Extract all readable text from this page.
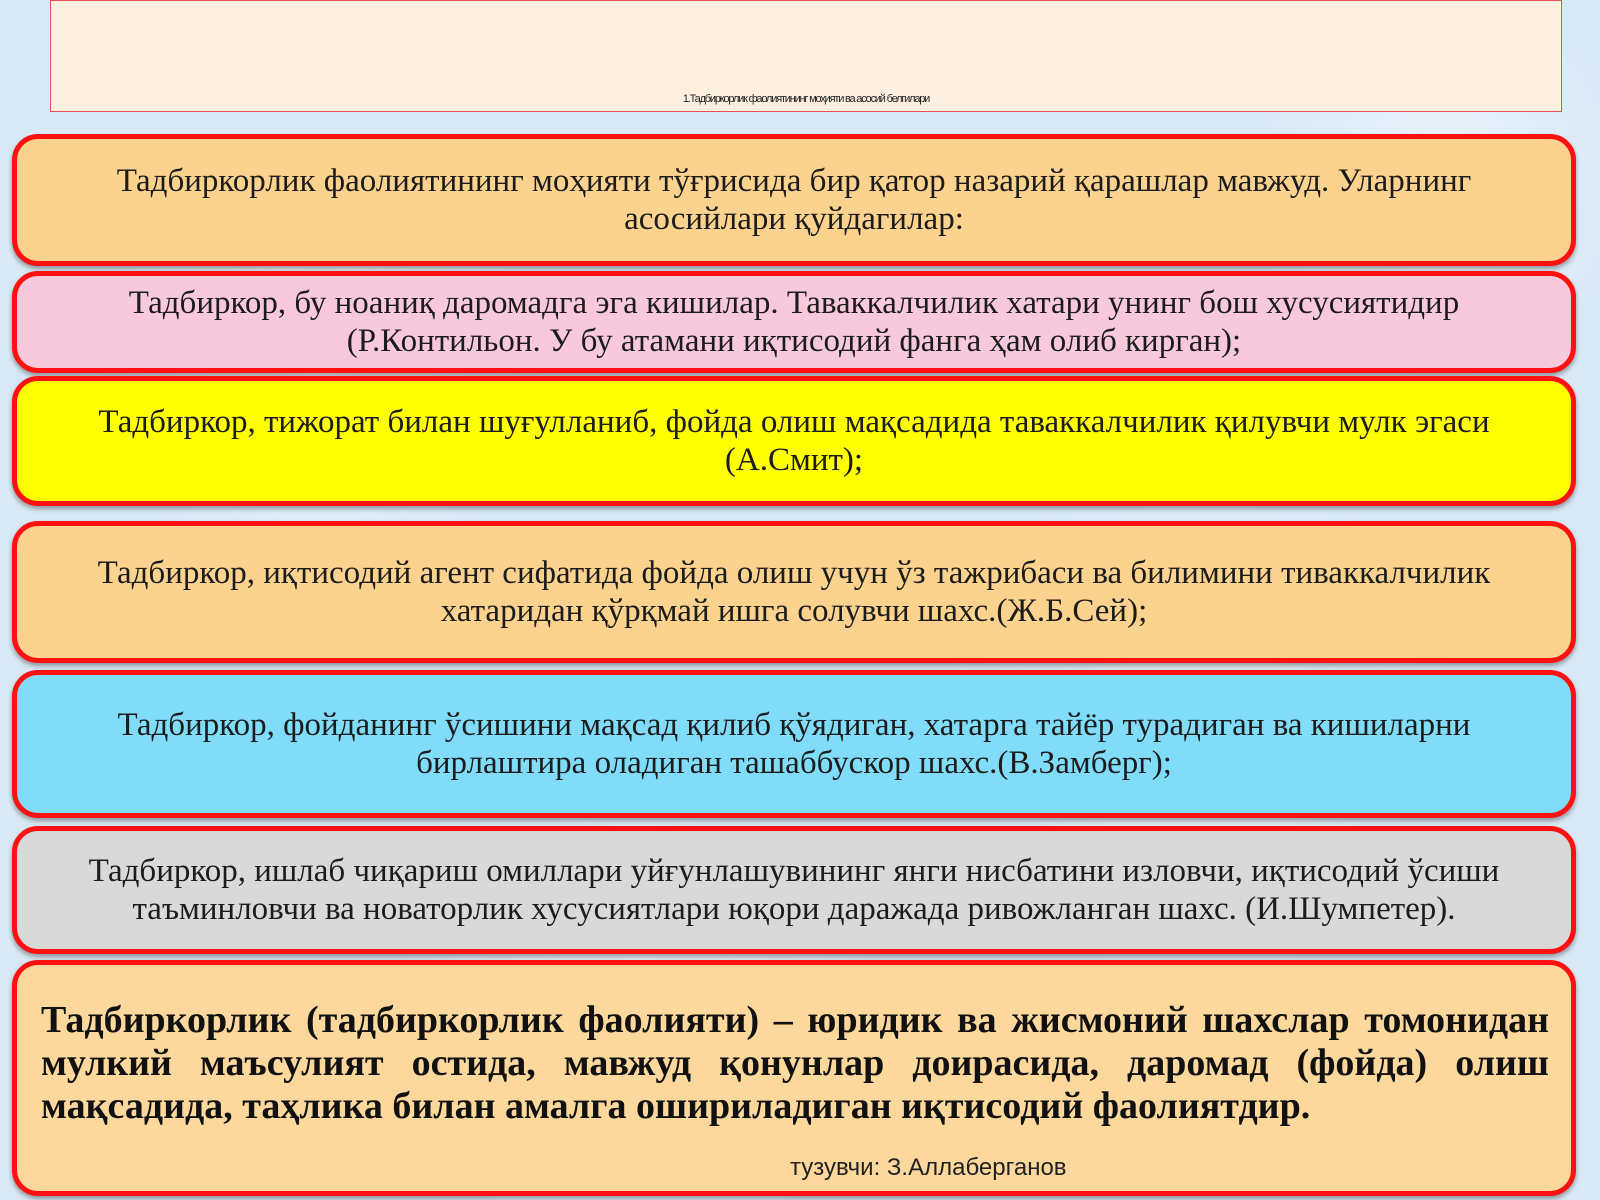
1.Тадбиркорлик фаолиятининг моҳияти ва асосий белгилари
Тадбиркорлик фаолиятининг моҳияти тўғрисида бир қатор назарий қарашлар мавжуд. Уларнинг асосийлари қуйдагилар:
Тадбиркор, бу ноаниқ даромадга эга кишилар. Таваккалчилик хатари унинг бош хусусиятидир (Р.Контильон. У бу атамани иқтисодий фанга ҳам олиб кирган);
Тадбиркор, тижорат билан шуғулланиб, фойда олиш мақсадида таваккалчилик қилувчи мулк эгаси (А.Смит);
Тадбиркор, иқтисодий агент сифатида фойда олиш учун ўз тажрибаси ва билимини тиваккалчилик хатаридан қўрқмай ишга солувчи шахс.(Ж.Б.Сей);
Тадбиркор, фойданинг ўсишини мақсад қилиб қўядиган, хатарга тайёр турадиган ва кишиларни бирлаштира оладиган ташаббускор шахс.(В.Замберг);
Тадбиркор, ишлаб чиқариш омиллари уйғунлашувининг янги нисбатини изловчи, иқтисодий ўсиши таъминловчи ва новаторлик хусусиятлари юқори даражада ривожланган шахс. (И.Шумпетер).
Тадбиркорлик (тадбиркорлик фаолияти) – юридик ва жисмоний шахслар томонидан мулкий маъсулият остида, мавжуд қонунлар доирасида, даромад (фойда) олиш мақсадида, таҳлика билан амалга ошириладиган иқтисодий фаолиятдир.
тузувчи: З.Аллаберганов
